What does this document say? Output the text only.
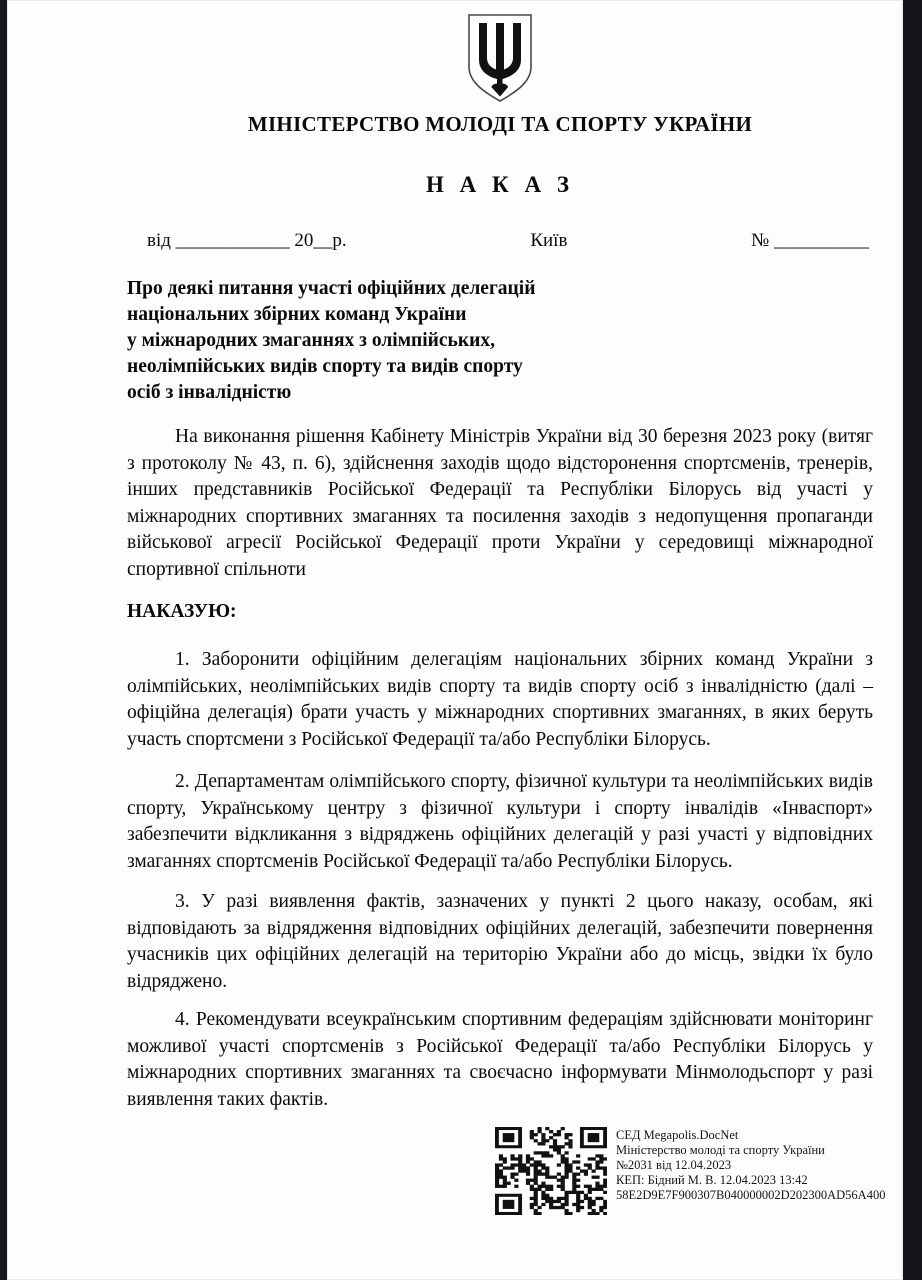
МІНІСТЕРСТВО МОЛОДІ ТА СПОРТУ УКРАЇНИ
Н А К А З
від ____________ 20__р.	Київ	№ __________
Про деякі питання участі офіційних делегацій
національних збірних команд України
у міжнародних змаганнях з олімпійських,
неолімпійських видів спорту та видів спорту
осіб з інвалідністю
На виконання рішення Кабінету Міністрів України від 30 березня 2023 року (витяг з протоколу № 43, п. 6), здійснення заходів щодо відсторонення спортсменів, тренерів, інших представників Російської Федерації та Республіки Білорусь від участі у міжнародних спортивних змаганнях та посилення заходів з недопущення пропаганди військової агресії Російської Федерації проти України у середовищі міжнародної спортивної спільноти
НАКАЗУЮ:
1. Заборонити офіційним делегаціям національних збірних команд України з олімпійських, неолімпійських видів спорту та видів спорту осіб з інвалідністю (далі – офіційна делегація) брати участь у міжнародних спортивних змаганнях, в яких беруть участь спортсмени з Російської Федерації та/або Республіки Білорусь.
2. Департаментам олімпійського спорту, фізичної культури та неолімпійських видів спорту, Українському центру з фізичної культури і спорту інвалідів «Інваспорт» забезпечити відкликання з відряджень офіційних делегацій у разі участі у відповідних змаганнях спортсменів Російської Федерації та/або Республіки Білорусь.
3. У разі виявлення фактів, зазначених у пункті 2 цього наказу, особам, які відповідають за відрядження відповідних офіційних делегацій, забезпечити повернення учасників цих офіційних делегацій на територію України або до місць, звідки їх було відряджено.
4. Рекомендувати всеукраїнським спортивним федераціям здійснювати моніторинг можливої участі спортсменів з Російської Федерації та/або Республіки Білорусь у міжнародних спортивних змаганнях та своєчасно інформувати Мінмолодьспорт у разі виявлення таких фактів.
СЕД Megapolis.DocNet
Міністерство молоді та спорту України
№2031 від 12.04.2023
КЕП: Бідний М. В. 12.04.2023 13:42
58E2D9E7F900307B040000002D202300AD56A400
